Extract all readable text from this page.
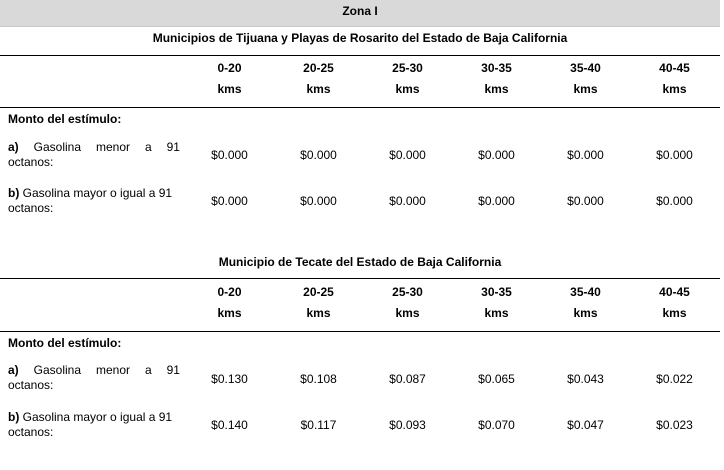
Zona I
Municipios de Tijuana y Playas de Rosarito del Estado de Baja California
0-20	20-25	25-30	30-35	35-40	40-45
kms	kms	kms	kms	kms	kms
Monto del estímulo:
a) Gasolina menor a 91
octanos:	$0.000	$0.000	$0.000	$0.000	$0.000	$0.000
b) Gasolina mayor o igual a 91
octanos:	$0.000	$0.000	$0.000	$0.000	$0.000	$0.000
Municipio de Tecate del Estado de Baja California
0-20	20-25	25-30	30-35	35-40	40-45
kms	kms	kms	kms	kms	kms
Monto del estímulo:
a) Gasolina menor a 91
octanos:	$0.130	$0.108	$0.087	$0.065	$0.043	$0.022
b) Gasolina mayor o igual a 91
octanos:	$0.140	$0.117	$0.093	$0.070	$0.047	$0.023
